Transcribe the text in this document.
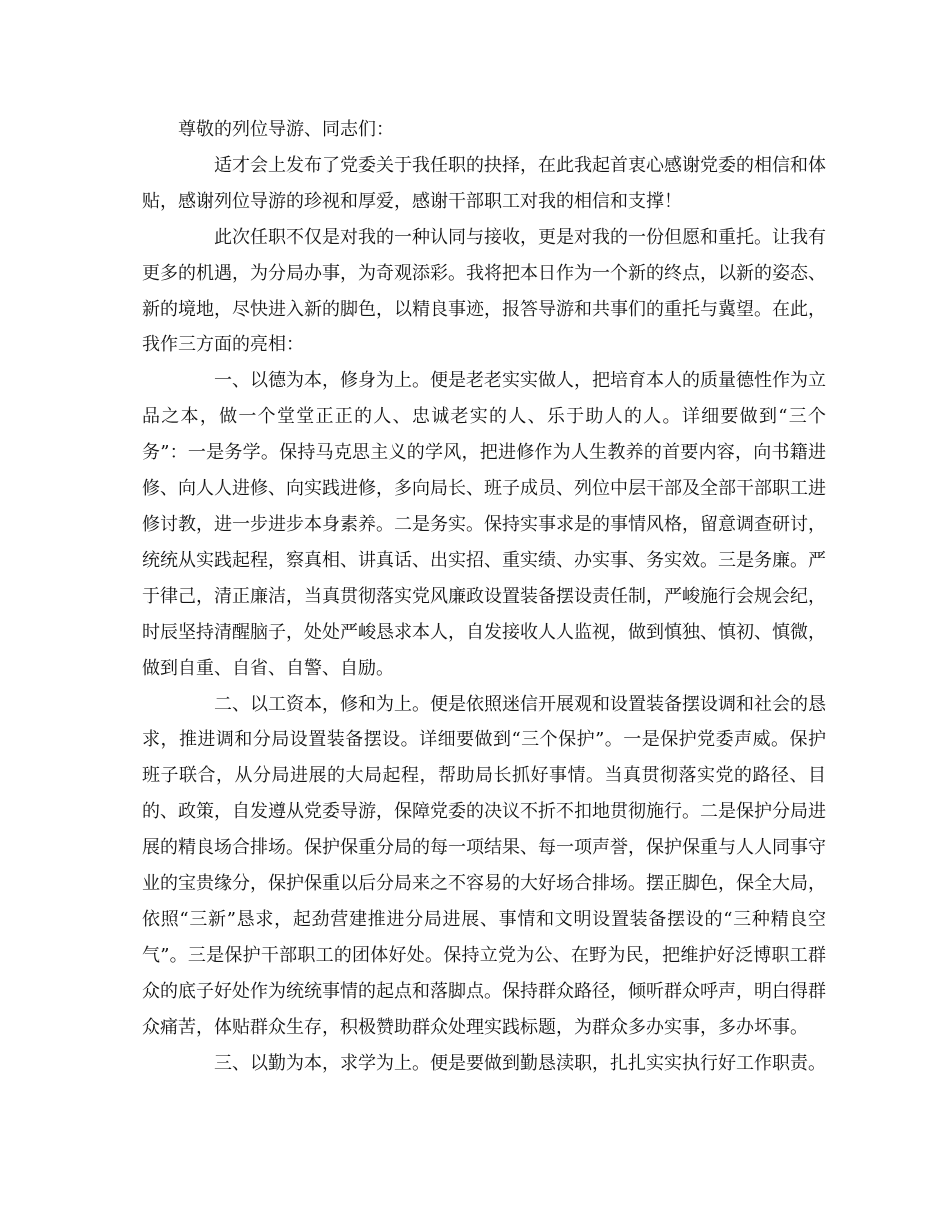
尊敬的列位导游、同志们：

适才会上发布了党委关于我任职的抉择，在此我起首衷心感谢党委的相信和体贴，感谢列位导游的珍视和厚爱，感谢干部职工对我的相信和支撑！

此次任职不仅是对我的一种认同与接收，更是对我的一份但愿和重托。让我有更多的机遇，为分局办事，为奇观添彩。我将把本日作为一个新的终点，以新的姿态、新的境地，尽快进入新的脚色，以精良事迹，报答导游和共事们的重托与冀望。在此，我作三方面的亮相：

一、以德为本，修身为上。便是老老实实做人，把培育本人的质量德性作为立品之本，做一个堂堂正正的人、忠诚老实的人、乐于助人的人。详细要做到“三个务”：一是务学。保持马克思主义的学风，把进修作为人生教养的首要内容，向书籍进修、向人人进修、向实践进修，多向局长、班子成员、列位中层干部及全部干部职工进修讨教，进一步进步本身素养。二是务实。保持实事求是的事情风格，留意调查研讨，统统从实践起程，察真相、讲真话、出实招、重实绩、办实事、务实效。三是务廉。严于律己，清正廉洁，当真贯彻落实党风廉政设置装备摆设责任制，严峻施行会规会纪，时辰坚持清醒脑子，处处严峻恳求本人，自发接收人人监视，做到慎独、慎初、慎微，做到自重、自省、自警、自励。

二、以工资本，修和为上。便是依照迷信开展观和设置装备摆设调和社会的恳求，推进调和分局设置装备摆设。详细要做到“三个保护”。一是保护党委声威。保护班子联合，从分局进展的大局起程，帮助局长抓好事情。当真贯彻落实党的路径、目的、政策，自发遵从党委导游，保障党委的决议不折不扣地贯彻施行。二是保护分局进展的精良场合排场。保护保重分局的每一项结果、每一项声誉，保护保重与人人同事守业的宝贵缘分，保护保重以后分局来之不容易的大好场合排场。摆正脚色，保全大局，依照“三新”恳求，起劲营建推进分局进展、事情和文明设置装备摆设的“三种精良空气”。三是保护干部职工的团体好处。保持立党为公、在野为民，把维护好泛博职工群众的底子好处作为统统事情的起点和落脚点。保持群众路径，倾听群众呼声，明白得群众痛苦，体贴群众生存，积极赞助群众处理实践标题，为群众多办实事，多办坏事。

三、以勤为本，求学为上。便是要做到勤恳渎职，扎扎实实执行好工作职责。
